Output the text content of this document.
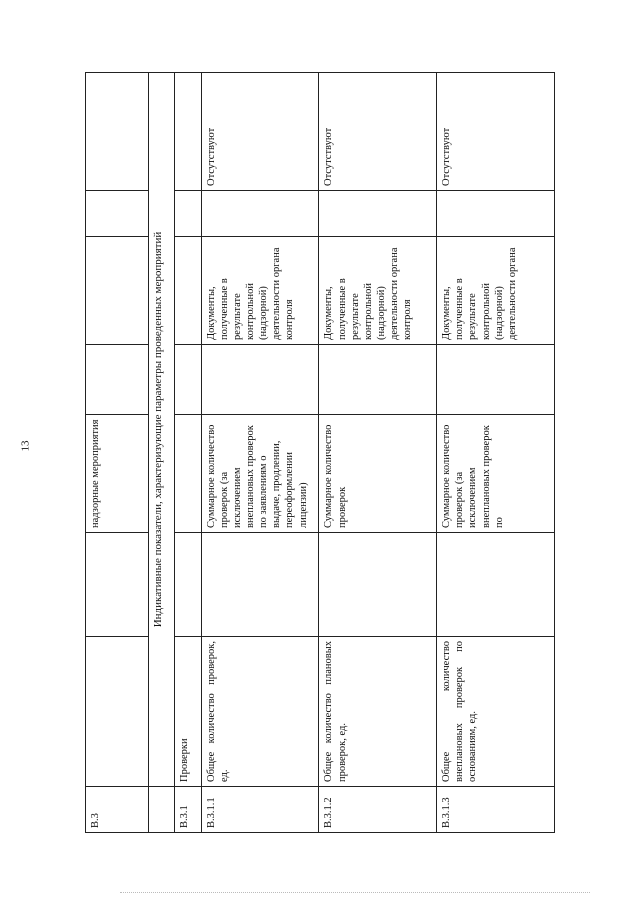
13
В.3			надзорные мероприятия				
	Индикативные показатели, характеризующие параметры проведенных мероприятий						
В.3.1	Проверки						
В.3.1.1	Общее количество проверок, ед.		Суммарное количество проверок (за исключением внеплановых проверок по заявлениям о выдаче, продлении, переоформлении лицензии)		Документы, полученные в результате контрольной (надзорной) деятельности органа контроля		Отсутствуют
В.3.1.2	Общее количество плановых проверок, ед.		Суммарное количество проверок		Документы, полученные в результате контрольной (надзорной) деятельности органа контроля		Отсутствуют
В.3.1.3	Общее количество внеплановых проверок по основаниям, ед.		Суммарное количество проверок (за исключением внеплановых проверок по		Документы, полученные в результате контрольной (надзорной) деятельности органа		Отсутствуют
